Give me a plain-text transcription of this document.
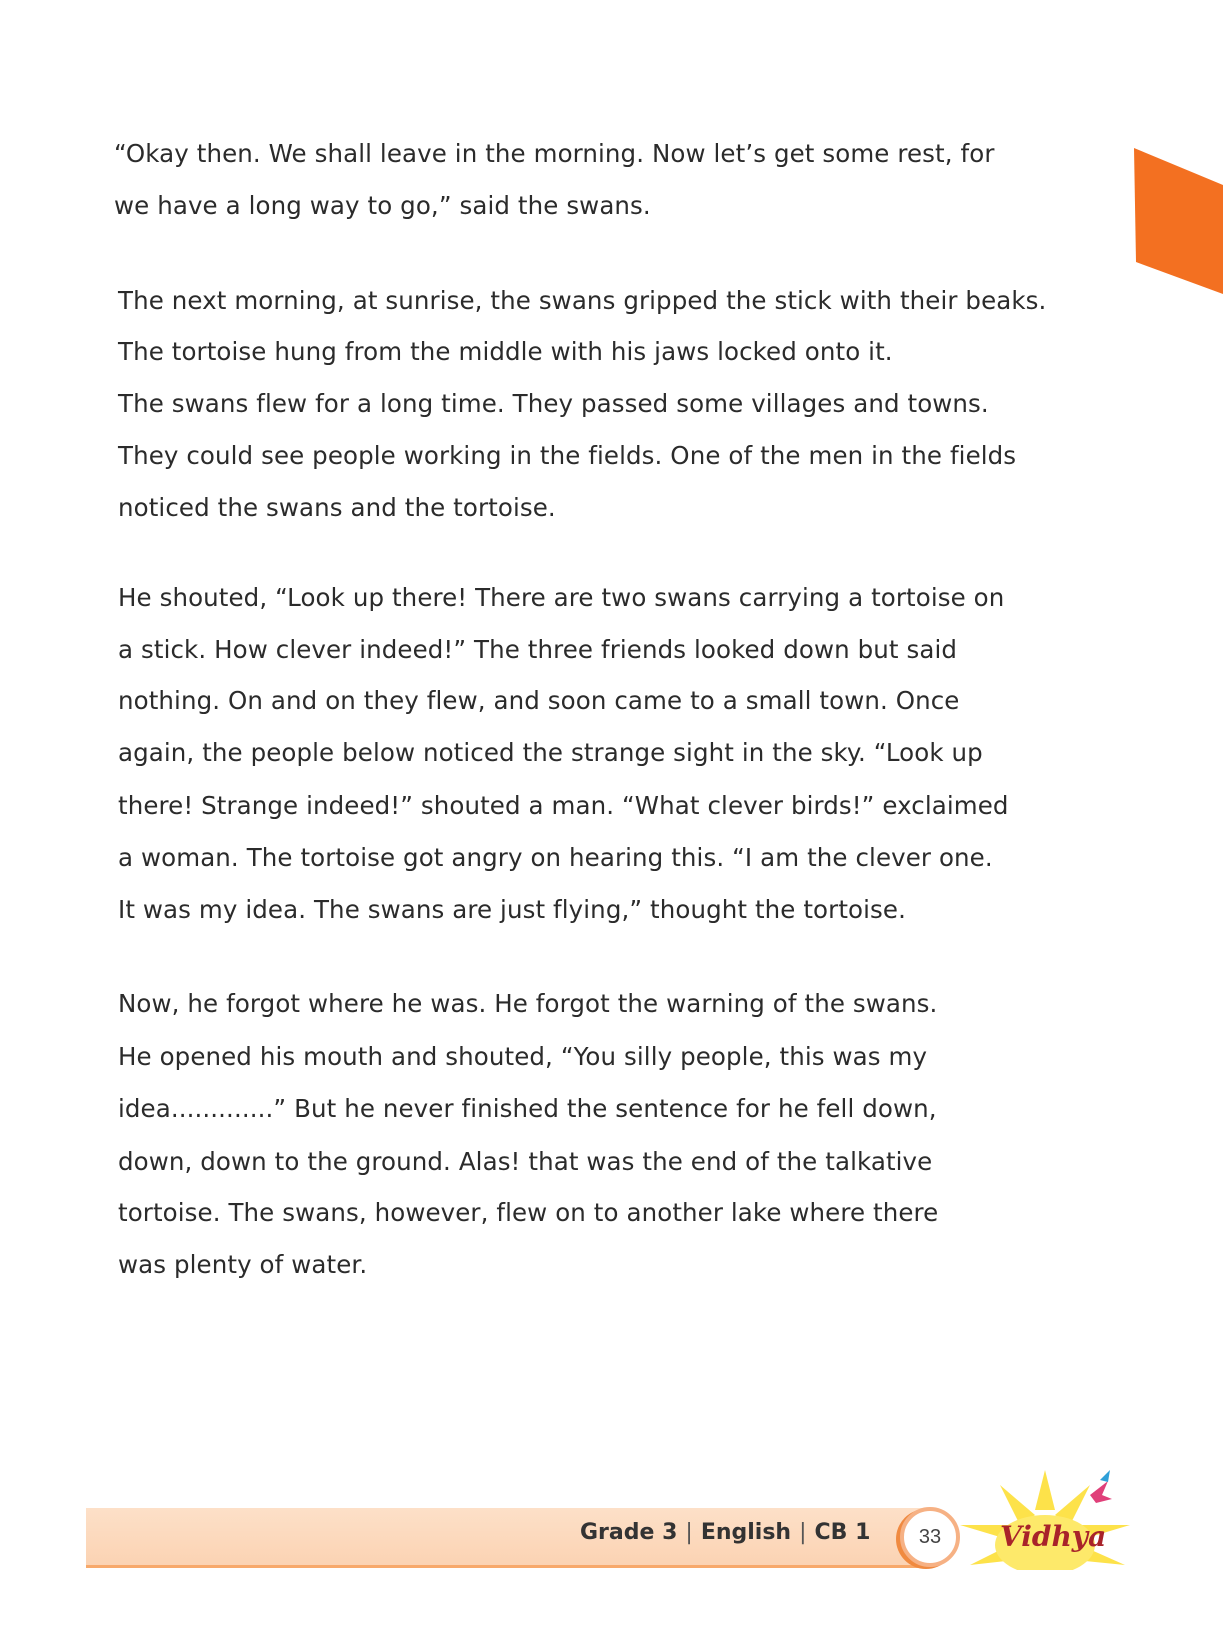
“Okay then. We shall leave in the morning. Now let’s get some rest, for
we have a long way to go,” said the swans.
The next morning, at sunrise, the swans gripped the stick with their beaks.
The tortoise hung from the middle with his jaws locked onto it.
The swans flew for a long time. They passed some villages and towns.
They could see people working in the fields. One of the men in the fields
noticed the swans and the tortoise.
He shouted, “Look up there! There are two swans carrying a tortoise on
a stick. How clever indeed!” The three friends looked down but said
nothing. On and on they flew, and soon came to a small town. Once
again, the people below noticed the strange sight in the sky. “Look up
there! Strange indeed!” shouted a man. “What clever birds!” exclaimed
a woman. The tortoise got angry on hearing this. “I am the clever one.
It was my idea. The swans are just flying,” thought the tortoise.
Now, he forgot where he was. He forgot the warning of the swans.
He opened his mouth and shouted, “You silly people, this was my
idea.............” But he never finished the sentence for he fell down,
down, down to the ground. Alas! that was the end of the talkative
tortoise. The swans, however, flew on to another lake where there
was plenty of water.
Grade 3 | English | CB 1	33	Vidhya
